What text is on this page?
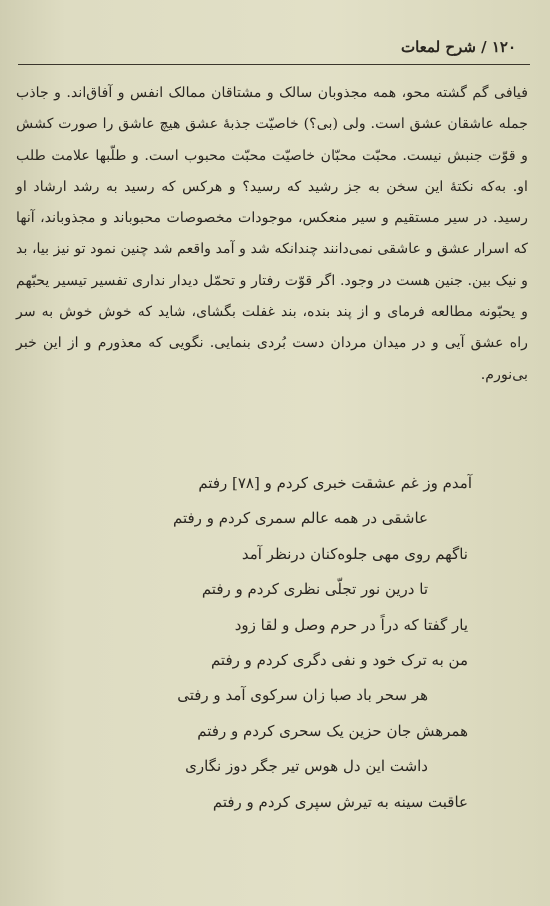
۱۲۰ / شرح لمعات

فیافی گم گشته محو، همه مجذوبان سالک و مشتاقان ممالک انفس و آفاق‌اند. و جاذب جمله عاشقان عشق است. ولی (بی؟) خاصیّت جذبهٔ عشق هیچ عاشق را صورت کشش و قوّت جنبش نیست. محبّت محبّان خاصیّت محبّت محبوب است. و طلّبها علامت طلب او. به‌که نکتهٔ این سخن به جز رشید که رسید؟ و هرکس که رسید به رشد ارشاد او رسید. در سیر مستقیم و سیر منعکس، موجودات مخصوصات محبوباند و مجذوباند، آنها که اسرار عشق و عاشقی نمی‌دانند چندانکه شد و آمد واقعم شد چنین نمود تو نیز بیا، بد و نیک بین. جنین هست در وجود. اگر قوّت رفتار و تحمّل دیدار نداری تفسیر تیسیر یحبّهم و یحبّونه مطالعه فرمای و از پند بنده، بند غفلت بگشای، شاید که خوش خوش به سر راه عشق آیی و در میدان مردان دست بُردی بنمایی. نگویی که معذورم و از این خبر بی‌نورم.

آمدم وز غم عشقت خبری کردم و [۷۸] رفتم
عاشقی در همه عالم سمری کردم و رفتم
ناگهم روی مهی جلوه‌کنان درنظر آمد
تا درین نور تجلّی نظری کردم و رفتم
یار گفتا که دراً در حرم وصل و لقا زود
من به ترک خود و نفی دگری کردم و رفتم
هر سحر باد صبا زان سرکوی آمد و رفتی
همرهش جان حزین یک سحری کردم و رفتم
داشت این دل هوس تیر جگر دوز نگاری
عاقبت سینه به تیرش سپری کردم و رفتم
